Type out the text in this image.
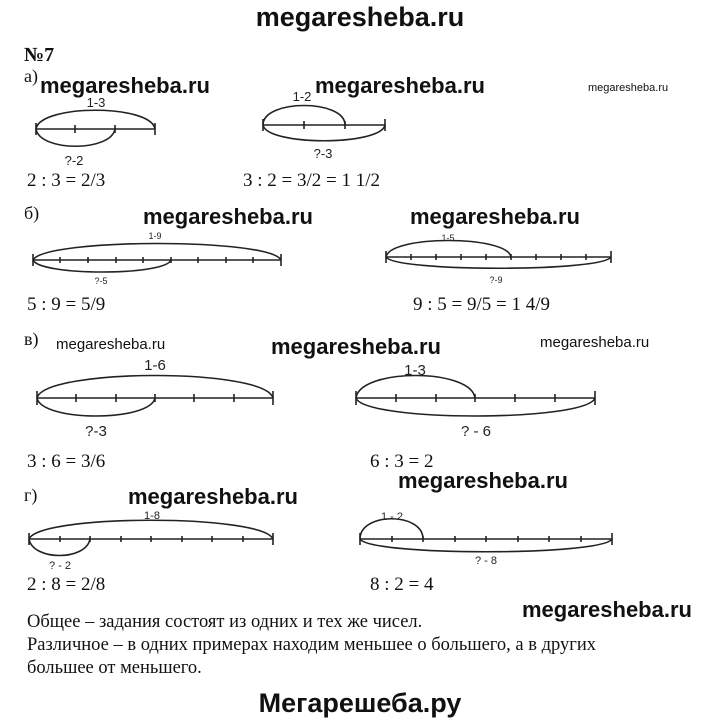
megaresheba.ru
Мегарешеба.ру
№7
а)
б)
в)
г)
megaresheba.ru	megaresheba.ru	megaresheba.ru
megaresheba.ru	megaresheba.ru
megaresheba.ru	megaresheba.ru	megaresheba.ru
megaresheba.ru
megaresheba.ru
megaresheba.ru
2 : 3 = 2/3	3 : 2 = 3/2 = 1 1/2
5 : 9 = 5/9	9 : 5 = 9/5 = 1 4/9
3 : 6 = 3/6	6 : 3 = 2
2 : 8 = 2/8	8 : 2 = 4
Общее – задания состоят из одних и тех же чисел.
Различное – в одних примерах находим меньшее о большего, а в других
большее от меньшего.
1-3
?-2
1-2
?-3
1-9
?-5
1-5
?-9
1-6
?-3
1-3
? - 6
1-8
? - 2
1 - 2
? - 8
